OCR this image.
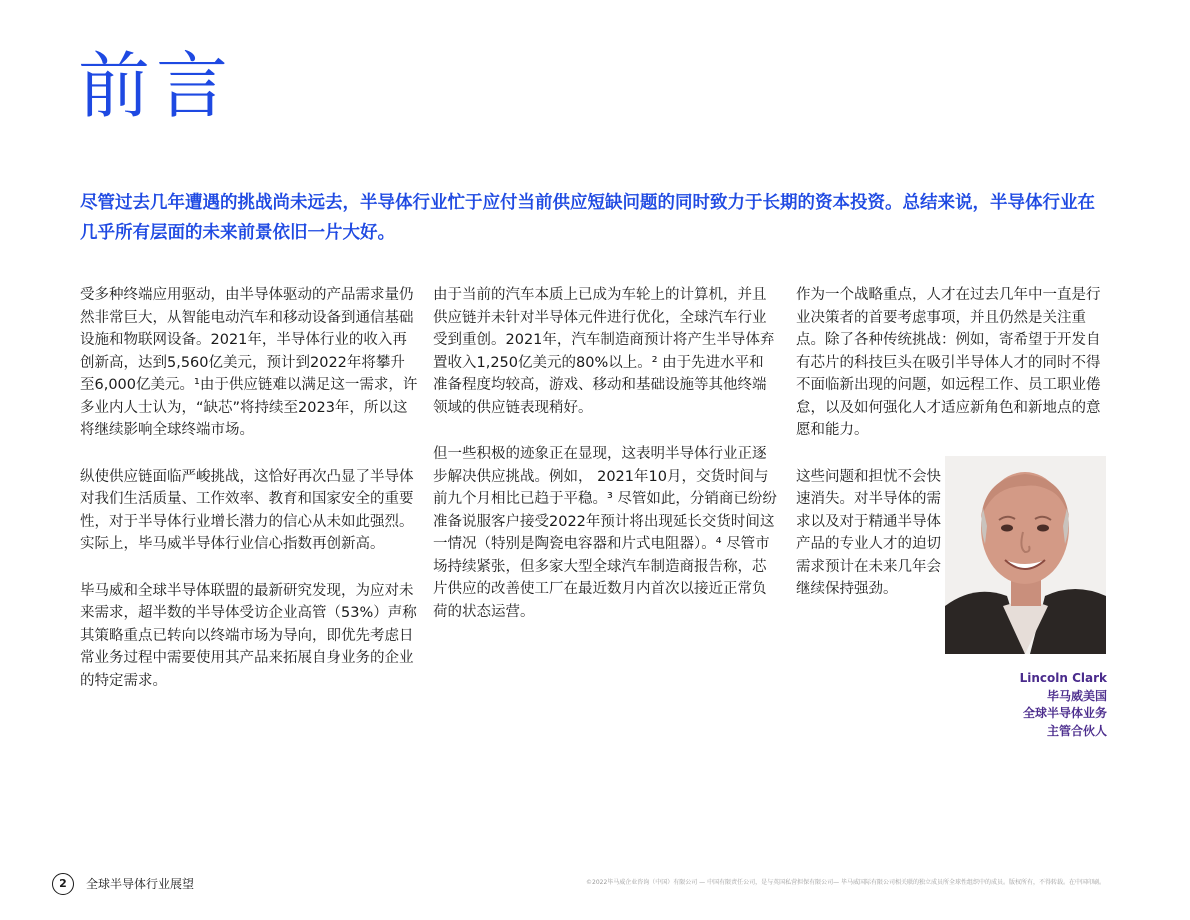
前言
尽管过去几年遭遇的挑战尚未远去，半导体行业忙于应付当前供应短缺问题的同时致力于长期的资本投资。总结来说，半导体行业在几乎所有层面的未来前景依旧一片大好。

受多种终端应用驱动，由半导体驱动的产品需求量仍然非常巨大，从智能电动汽车和移动设备到通信基础设施和物联网设备。2021年，半导体行业的收入再创新高，达到5,560亿美元，预计到2022年将攀升至6,000亿美元。¹由于供应链难以满足这一需求，许多业内人士认为，“缺芯”将持续至2023年，所以这将继续影响全球终端市场。

纵使供应链面临严峻挑战，这恰好再次凸显了半导体对我们生活质量、工作效率、教育和国家安全的重要性，对于半导体行业增长潜力的信心从未如此强烈。实际上，毕马威半导体行业信心指数再创新高。

毕马威和全球半导体联盟的最新研究发现，为应对未来需求，超半数的半导体受访企业高管（53%）声称其策略重点已转向以终端市场为导向，即优先考虑日常业务过程中需要使用其产品来拓展自身业务的企业的特定需求。

由于当前的汽车本质上已成为车轮上的计算机，并且供应链并未针对半导体元件进行优化，全球汽车行业受到重创。2021年，汽车制造商预计将产生半导体弃置收入1,250亿美元的80%以上。² 由于先进水平和准备程度均较高，游戏、移动和基础设施等其他终端领域的供应链表现稍好。

但一些积极的迹象正在显现，这表明半导体行业正逐步解决供应挑战。例如， 2021年10月，交货时间与前九个月相比已趋于平稳。³ 尽管如此，分销商已纷纷准备说服客户接受2022年预计将出现延长交货时间这一情况（特别是陶瓷电容器和片式电阻器）。⁴ 尽管市场持续紧张，但多家大型全球汽车制造商报告称，芯片供应的改善使工厂在最近数月内首次以接近正常负荷的状态运营。

作为一个战略重点，人才在过去几年中一直是行业决策者的首要考虑事项，并且仍然是关注重点。除了各种传统挑战：例如，寄希望于开发自有芯片的科技巨头在吸引半导体人才的同时不得不面临新出现的问题，如远程工作、员工职业倦怠，以及如何强化人才适应新角色和新地点的意愿和能力。

这些问题和担忧不会快速消失。对半导体的需求以及对于精通半导体产品的专业人才的迫切需求预计在未来几年会继续保持强劲。

Lincoln Clark
毕马威美国
全球半导体业务
主管合伙人
2	全球半导体行业展望	©2022毕马威企业咨询（中国）有限公司 — 中国有限责任公司，是与英国私营担保有限公司— 毕马威国际有限公司相关联的独立成员所全球性组织中的成员。版权所有，不得转载。在中国印刷。
